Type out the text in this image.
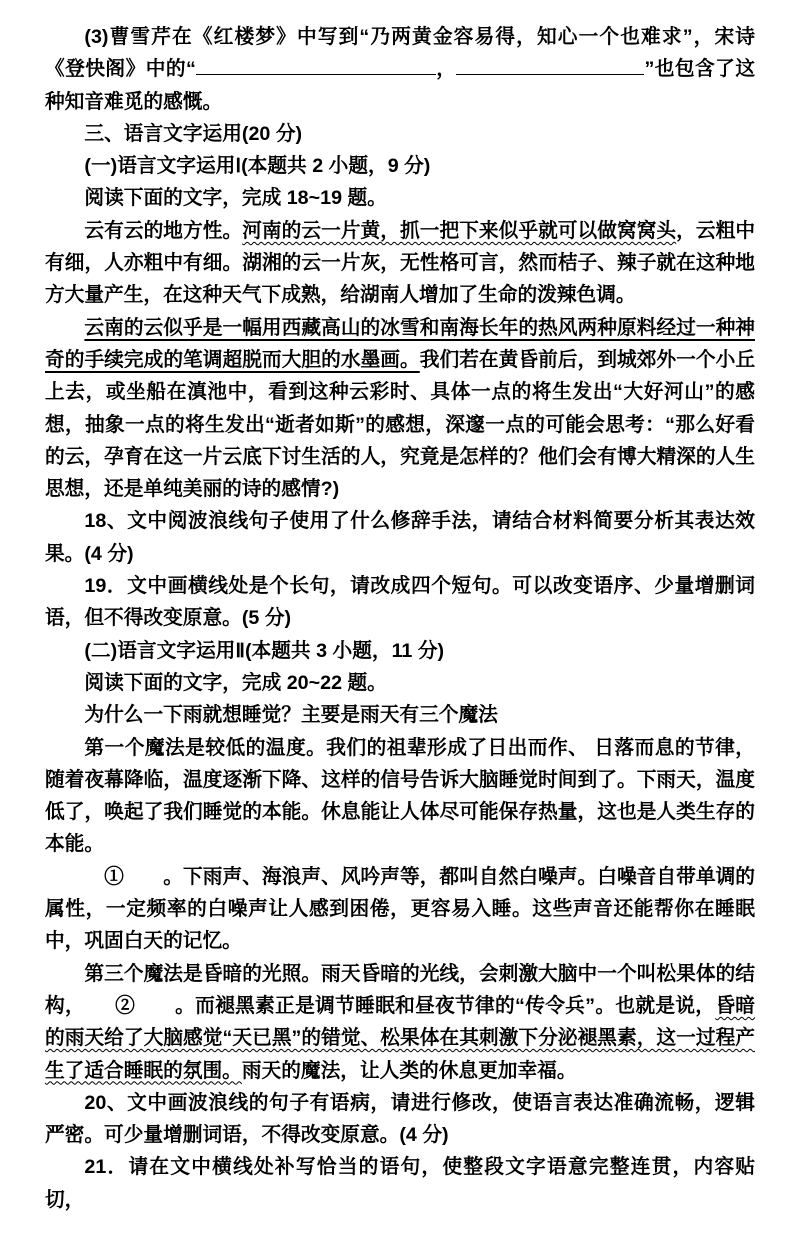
(3)曹雪芹在《红楼梦》中写到“乃两黄金容易得，知心一个也难求”，宋诗《登快阁》中的“	，	”也包含了这种知音难觅的感慨。

三、语言文字运用(20 分)

(一)语言文字运用Ⅰ(本题共 2 小题，9 分)

阅读下面的文字，完成 18~19 题。

云有云的地方性。河南的云一片黄，抓一把下来似乎就可以做窝窝头，云粗中有细，人亦粗中有细。湖湘的云一片灰，无性格可言，然而桔子、辣子就在这种地方大量产生，在这种天气下成熟，给湖南人增加了生命的泼辣色调。

云南的云似乎是一幅用西藏高山的冰雪和南海长年的热风两种原料经过一种神奇的手续完成的笔调超脱而大胆的水墨画。我们若在黄昏前后，到城郊外一个小丘上去，或坐船在滇池中，看到这种云彩时、具体一点的将生发出“大好河山”的感想，抽象一点的将生发出“逝者如斯”的感想，深邃一点的可能会思考：“那么好看的云，孕育在这一片云底下讨生活的人，究竟是怎样的？他们会有博大精深的人生思想，还是单纯美丽的诗的感情?)

18、文中阅波浪线句子使用了什么修辞手法，请结合材料简要分析其表达效果。(4 分)

19．文中画横线处是个长句，请改成四个短句。可以改变语序、少量增删词语，但不得改变原意。(5 分)

(二)语言文字运用Ⅱ(本题共 3 小题，11 分)

阅读下面的文字，完成 20~22 题。

为什么一下雨就想睡觉？主要是雨天有三个魔法

第一个魔法是较低的温度。我们的祖辈形成了日出而作、 日落而息的节律，随着夜幕降临，温度逐渐下降、这样的信号告诉大脑睡觉时间到了。下雨天，温度低了，唤起了我们睡觉的本能。休息能让人体尽可能保存热量，这也是人类生存的本能。

　①　　。下雨声、海浪声、风吟声等，都叫自然白噪声。白噪音自带单调的属性，一定频率的白噪声让人感到困倦，更容易入睡。这些声音还能帮你在睡眠中，巩固白天的记忆。

第三个魔法是昏暗的光照。雨天昏暗的光线，会刺激大脑中一个叫松果体的结构，　　②　　。而褪黑素正是调节睡眠和昼夜节律的“传令兵”。也就是说，昏暗的雨天给了大脑感觉“天已黑”的错觉、松果体在其刺激下分泌褪黑素，这一过程产生了适合睡眠的氛围。雨天的魔法，让人类的休息更加幸福。

20、文中画波浪线的句子有语病，请进行修改，使语言表达准确流畅，逻辑严密。可少量增删词语，不得改变原意。(4 分)

21．请在文中横线处补写恰当的语句，使整段文字语意完整连贯，内容贴切，
